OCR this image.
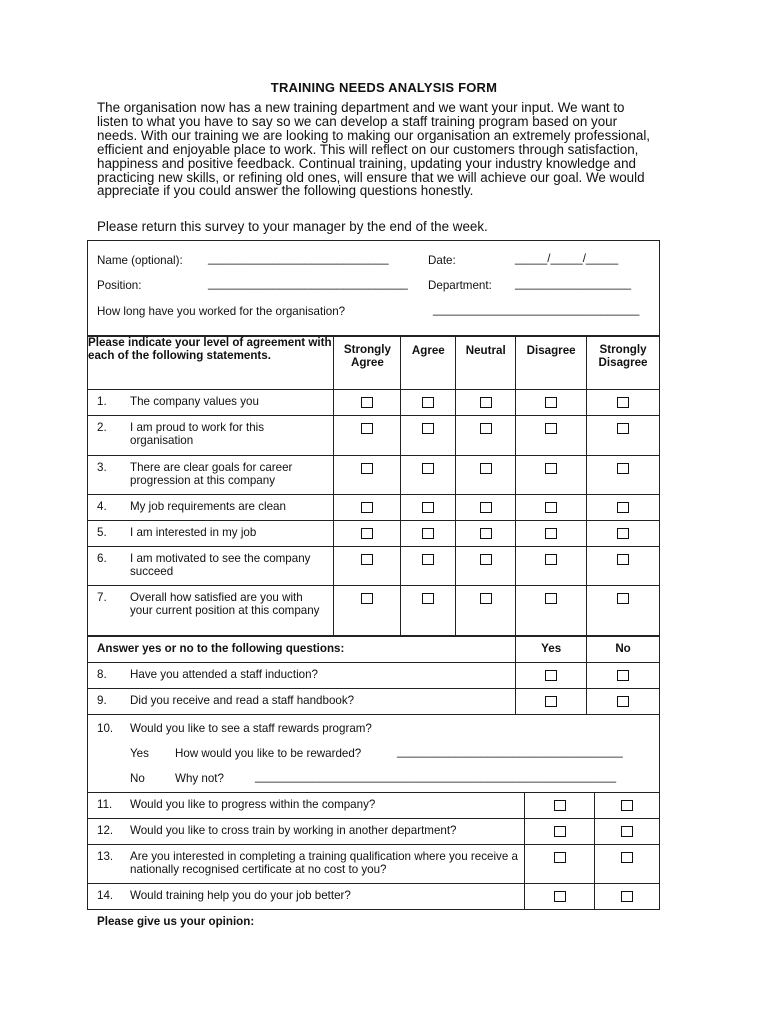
TRAINING NEEDS ANALYSIS FORM
The organisation now has a new training department and we want your input. We want to listen to what you have to say so we can develop a staff training program based on your needs. With our training we are looking to making our organisation an extremely professional, efficient and enjoyable place to work. This will reflect on our customers through satisfaction, happiness and positive feedback. Continual training, updating your industry knowledge and practicing new skills, or refining old ones, will ensure that we will achieve our goal. We would appreciate if you could answer the following questions honestly.
Please return this survey to your manager by the end of the week.
Name (optional): ____________________________	Date:	_____/_____/_____
Position:	_______________________________ Department: __________________
How long have you worked for the organisation?	________________________________
Please indicate your level of agreement with each of the following statements.	Strongly Agree	Agree	Neutral	Disagree	Strongly Disagree

1. The company values you					

2. I am proud to work for this organisation					

3. There are clear goals for career progression at this company					

4. My job requirements are clean					

5. I am interested in my job					

6. I am motivated to see the company succeed					

7. Overall how satisfied are you with your current position at this company					

Answer yes or no to the following questions:	Yes	No

8. Have you attended a staff induction?		

9. Did you receive and read a staff handbook?		

10. Would you like to see a staff rewards program?
Yes How would you like to be rewarded?	___________________________________
No	Why not?	________________________________________________________
11. Would you like to progress within the company?		

12. Would you like to cross train by working in another department?		

13. Are you interested in completing a training qualification where you receive a nationally recognised certificate at no cost to you?		

14. Would training help you do your job better?		

Please give us your opinion:
